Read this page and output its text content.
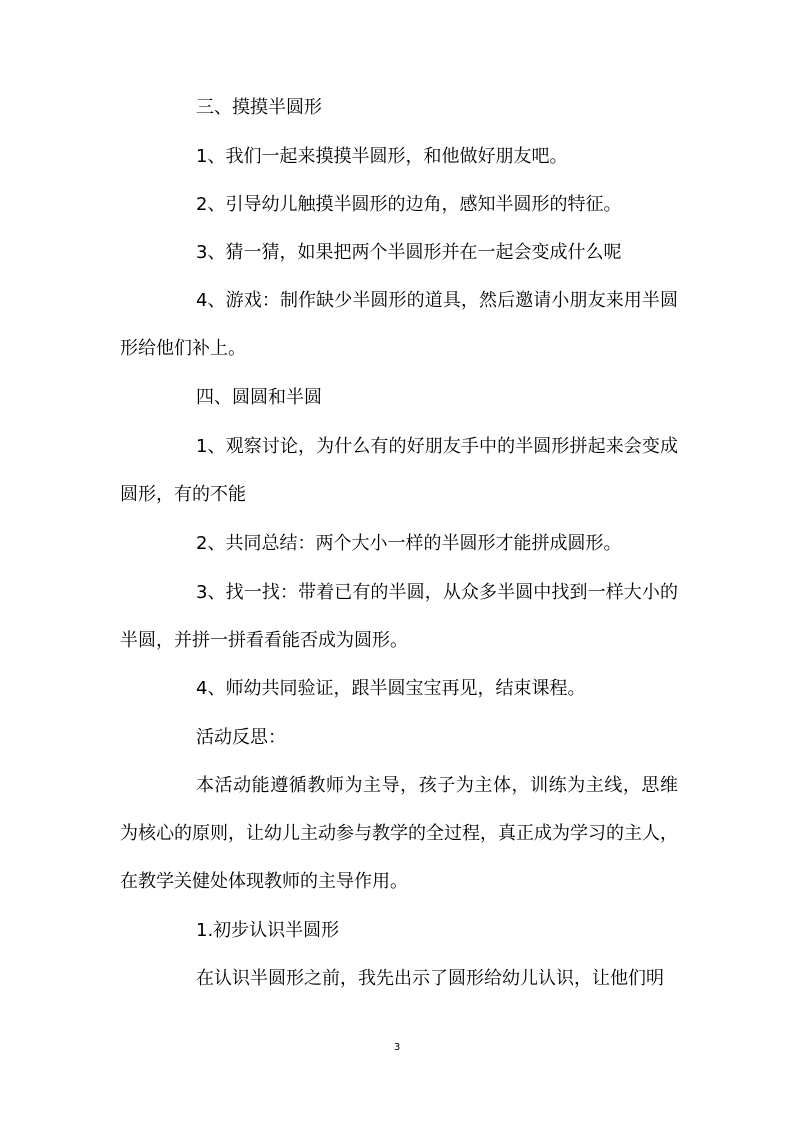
三、摸摸半圆形

1、我们一起来摸摸半圆形，和他做好朋友吧。

2、引导幼儿触摸半圆形的边角，感知半圆形的特征。

3、猜一猜，如果把两个半圆形并在一起会变成什么呢

4、游戏：制作缺少半圆形的道具，然后邀请小朋友来用半圆形给他们补上。

四、圆圆和半圆

1、观察讨论，为什么有的好朋友手中的半圆形拼起来会变成圆形，有的不能

2、共同总结：两个大小一样的半圆形才能拼成圆形。

3、找一找：带着已有的半圆，从众多半圆中找到一样大小的半圆，并拼一拼看看能否成为圆形。

4、师幼共同验证，跟半圆宝宝再见，结束课程。

活动反思：

本活动能遵循教师为主导，孩子为主体，训练为主线，思维为核心的原则，让幼儿主动参与教学的全过程，真正成为学习的主人，在教学关健处体现教师的主导作用。

1.初步认识半圆形

在认识半圆形之前，我先出示了圆形给幼儿认识，让他们明

3
